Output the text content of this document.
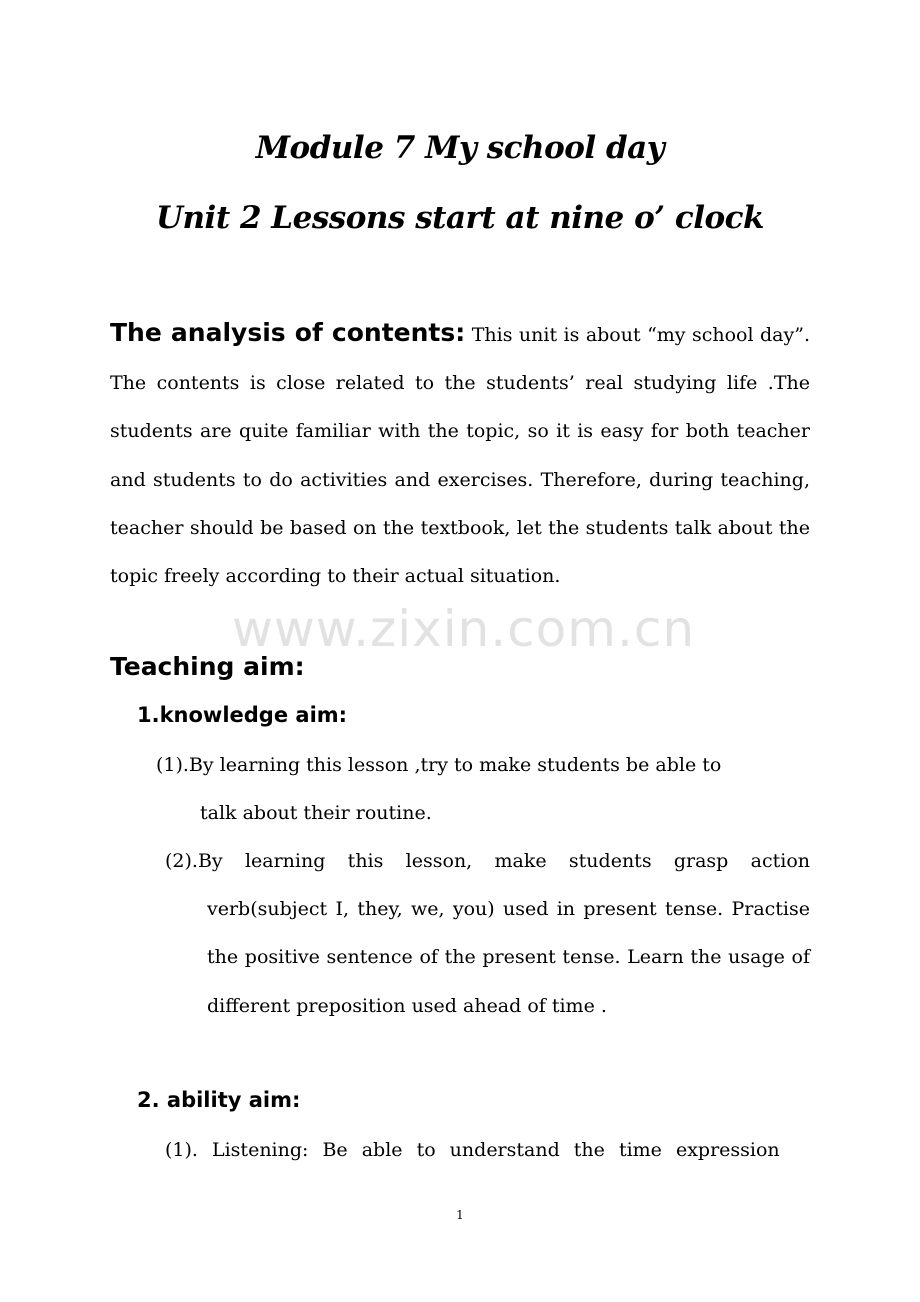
Module 7 My school day
Unit 2 Lessons start at nine o’ clock

The analysis of contents: This unit is about “my school day”. The contents is close related to the students’ real studying life .The students are quite familiar with the topic, so it is easy for both teacher and students to do activities and exercises. Therefore, during teaching, teacher should be based on the textbook, let the students talk about the topic freely according to their actual situation.

Teaching aim:
1.knowledge aim:

(1).By learning this lesson ,try to make students be able to
talk about their routine.

(2).By learning this lesson, make students grasp action verb(subject I, they, we, you) used in present tense. Practise the positive sentence of the present tense. Learn the usage of different preposition used ahead of time .

2. ability aim:

(1). Listening: Be able to understand the time expression

www.zixin.com.cn
1
